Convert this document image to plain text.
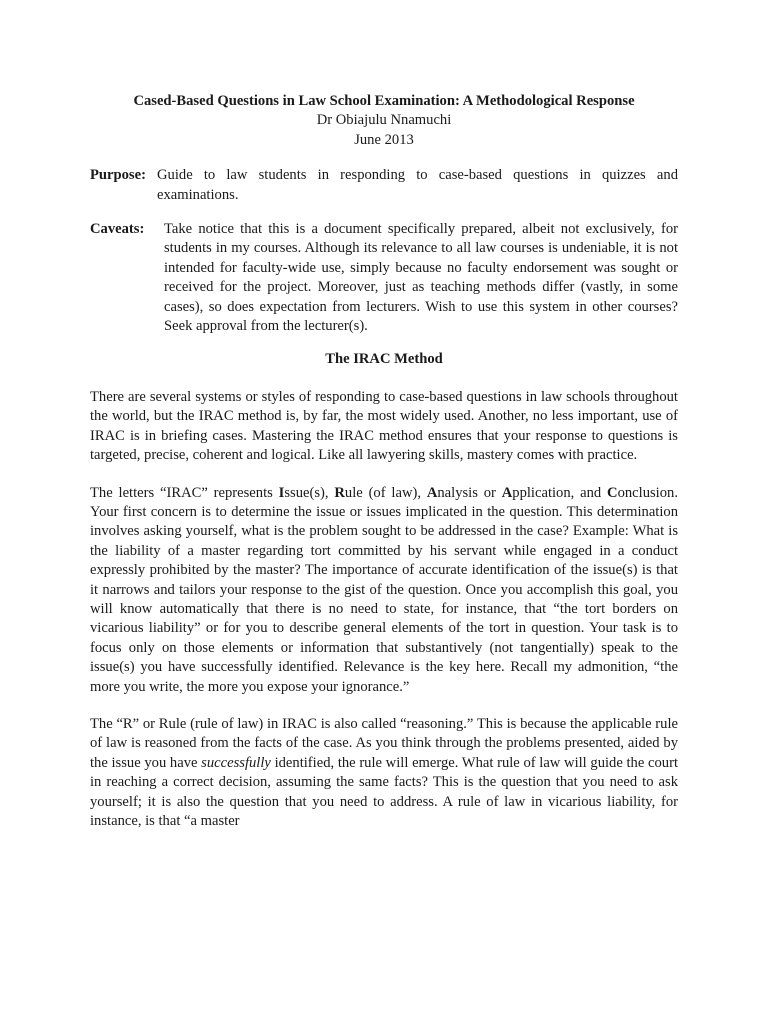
Cased-Based Questions in Law School Examination: A Methodological Response

Dr Obiajulu Nnamuchi

June 2013

Purpose: Guide to law students in responding to case-based questions in quizzes and examinations.
Caveats:	Take notice that this is a document specifically prepared, albeit not exclusively, for students in my courses. Although its relevance to all law courses is undeniable, it is not intended for faculty-wide use, simply because no faculty endorsement was sought or received for the project. Moreover, just as teaching methods differ (vastly, in some cases), so does expectation from lecturers. Wish to use this system in other courses? Seek approval from the lecturer(s).

The IRAC Method

There are several systems or styles of responding to case-based questions in law schools throughout the world, but the IRAC method is, by far, the most widely used. Another, no less important, use of IRAC is in briefing cases. Mastering the IRAC method ensures that your response to questions is targeted, precise, coherent and logical. Like all lawyering skills, mastery comes with practice.

The letters “IRAC” represents Issue(s), Rule (of law), Analysis or Application, and Conclusion. Your first concern is to determine the issue or issues implicated in the question. This determination involves asking yourself, what is the problem sought to be addressed in the case? Example: What is the liability of a master regarding tort committed by his servant while engaged in a conduct expressly prohibited by the master? The importance of accurate identification of the issue(s) is that it narrows and tailors your response to the gist of the question. Once you accomplish this goal, you will know automatically that there is no need to state, for instance, that “the tort borders on vicarious liability” or for you to describe general elements of the tort in question. Your task is to focus only on those elements or information that substantively (not tangentially) speak to the issue(s) you have successfully identified. Relevance is the key here. Recall my admonition, “the more you write, the more you expose your ignorance.”

The “R” or Rule (rule of law) in IRAC is also called “reasoning.” This is because the applicable rule of law is reasoned from the facts of the case. As you think through the problems presented, aided by the issue you have successfully identified, the rule will emerge. What rule of law will guide the court in reaching a correct decision, assuming the same facts? This is the question that you need to ask yourself; it is also the question that you need to address. A rule of law in vicarious liability, for instance, is that “a master
